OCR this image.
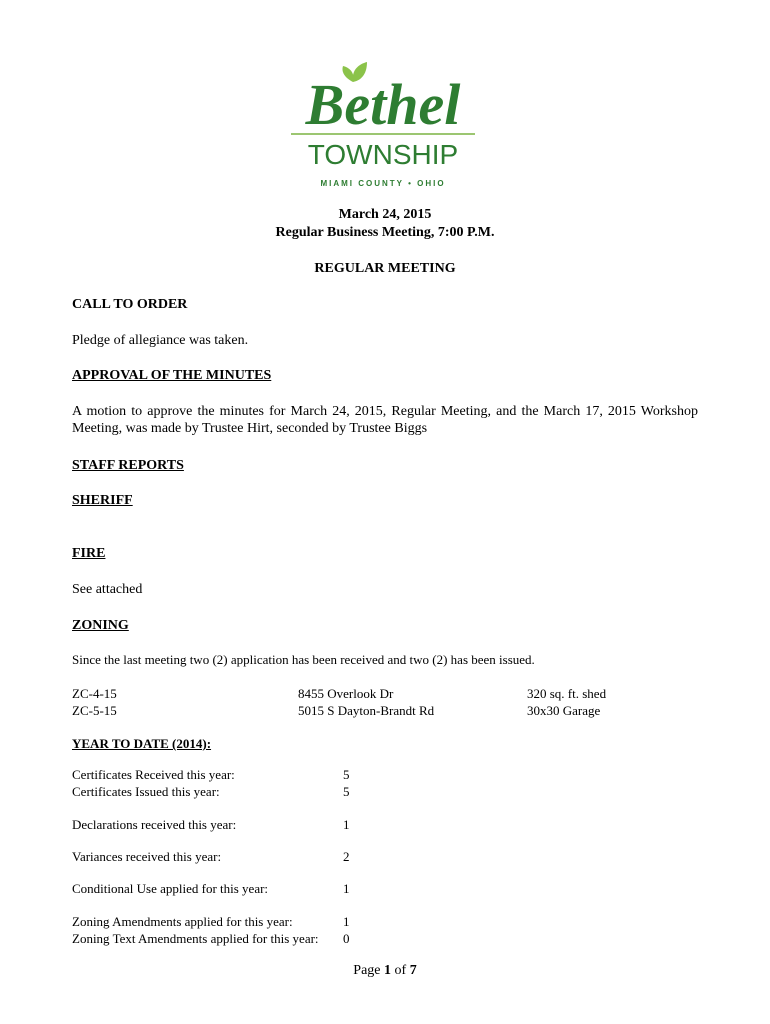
Bethel
TOWNSHIP
MIAMI COUNTY • OHIO
March 24, 2015
Regular Business Meeting, 7:00 P.M.
REGULAR MEETING
CALL TO ORDER
Pledge of allegiance was taken.
APPROVAL OF THE MINUTES
A motion to approve the minutes for March 24, 2015, Regular Meeting, and the March 17, 2015 Workshop Meeting, was made by Trustee Hirt, seconded by Trustee Biggs
STAFF REPORTS
SHERIFF
FIRE
See attached
ZONING
Since the last meeting two (2) application has been received and two (2) has been issued.
ZC-4-15	8455 Overlook Dr	320 sq. ft. shed
ZC-5-15	5015 S Dayton-Brandt Rd	30x30 Garage
YEAR TO DATE (2014):
Certificates Received this year:	5
Certificates Issued this year:	5
Declarations received this year:	1
Variances received this year:	2
Conditional Use applied for this year:	1
Zoning Amendments applied for this year:	1
Zoning Text Amendments applied for this year: 0
Page 1 of 7
